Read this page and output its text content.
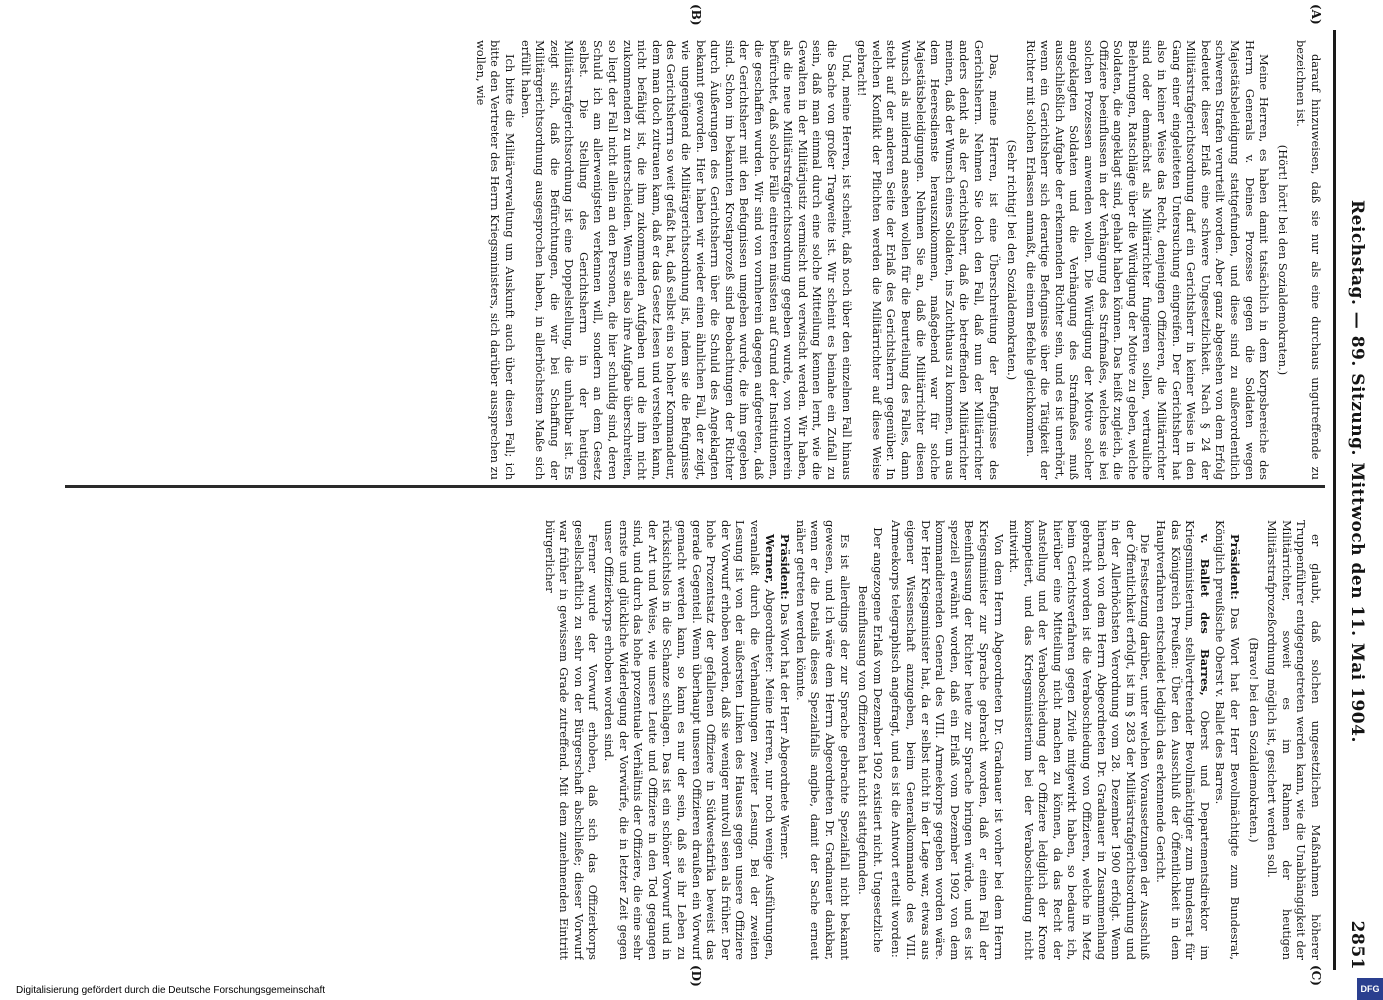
Reichstag. — 89. Sitzung. Mittwoch den 11. Mai 1904.
2851
(A)
(B)
(C)
(D)

darauf hinzuweisen, daß sie nur als eine durchaus ungutreffende zu bezeichnen ist.

(Hört! hört! bei den Sozialdemokraten.)

Meine Herren, es haben damit tatsächlich in dem Korpsbereiche des Herrn Generals v. Deines Prozesse gegen die Soldaten wegen Majestätsbeleidigung stattgefunden, und diese sind zu außerordentlich schweren Strafen verurteilt worden. Aber ganz abgesehen von dem Erfolg bedeutet dieser Erlaß eine schwere Ungesetzlichkeit. Nach § 24 der Militärstrafgerichtsordnung darf ein Gerichtsherr in keiner Weise in den Gang einer eingeleiteten Untersuchung eingreifen. Der Gerichtsherr hat also in keiner Weise das Recht, denjenigen Offizieren, die Militärrichter sind oder demnächst als Militärrichter fungieren sollen, vertrauliche Belehrungen, Ratschläge über die Würdigung der Motive zu geben, welche Soldaten, die angeklagt sind, gehabt haben können. Das heißt zugleich, die Offiziere beeinflussen in der Verhängung des Strafmaßes, welches sie bei solchen Prozessen anwenden wollen. Die Würdigung der Motive solcher angeklagten Soldaten und die Verhängung des Strafmaßes muß ausschließlich Aufgabe der erkennenden Richter sein, und es ist unerhört, wenn ein Gerichtsherr sich derartige Befugnisse über die Tätigkeit der Richter mit solchen Erlassen anmaßt, die einem Befehle gleichkommen.

(Sehr richtig! bei den Sozialdemokraten.)

Das, meine Herren, ist eine Überschreitung der Befugnisse des Gerichtsherrn. Nehmen Sie doch den Fall, daß nun der Militärrichter anders denkt als der Gerichtsherr, daß die betreffenden Militärrichter meinen, daß der Wunsch eines Soldaten, ins Zuchthaus zu kommen, um aus dem Heeresdienste herauszukommen, maßgebend war für solche Majestätsbeleidigungen. Nehmen Sie an, daß die Militärrichter diesen Wunsch als mildernd ansehen wollen für die Beurteilung des Falles, dann steht auf der anderen Seite der Erlaß des Gerichtsherrn gegenüber. In welchen Konflikt der Pflichten werden die Militärrichter auf diese Weise gebracht!

Und, meine Herren, ist scheint, daß noch über den einzelnen Fall hinaus die Sache von großer Tragweite ist. Wir scheint es beinahe ein Zufall zu sein, daß man einmal durch eine solche Mitteilung kennen lernt, wie die Gewalten in der Militärjustiz vermischt und verwischt werden. Wir haben, als die neue Militärstrafgerichtsordnung gegeben wurde, von vornherein befürchtet, daß solche Fälle eintreten müssten auf Grund der Institutionen, die geschaffen wurden. Wir sind von vornherein dagegen aufgetreten, daß der Gerichtsherr mit den Befugnissen umgeben wurde, die ihm gegeben sind. Schon im bekannten Krostaprozeß sind Beobachtungen der Richter durch Äußerungen des Gerichtsherrn über die Schuld des Angeklagten bekannt geworden. Hier haben wir wieder einen ähnlichen Fall, der zeigt, wie ungenügend die Militärgerichtsordnung ist, indem sie die Befugnisse des Gerichtsherrn so weit gefaßt hat, daß selbst ein so hoher Kommandeur, dem man doch zutrauen kann, daß er das Gesetz lesen und verstehen kann, nicht befähigt ist, die ihm zukommenden Aufgaben und die ihm nicht zukommenden zu unterscheiden. Wenn sie also ihre Aufgabe überschreiten, so liegt der Fall nicht allein an den Personen, die hier schuldig sind, deren Schuld ich am allerwenigsten verkennen will, sondern an dem Gesetz selbst. Die Stellung des Gerichtsherrn in der heutigen Militärstrafgerichtsordnung ist eine Doppelstellung, die unhaltbar ist. Es zeigt sich, daß die Befürchtungen, die wir bei Schaffung der Militärgerichtsordnung ausgesprochen haben, in allerhöchstem Maße sich erfüllt haben.

Ich bitte die Militärverwaltung um Auskunft auch über diesen Fall; ich bitte den Vertreter des Herrn Kriegsministers, sich darüber aussprechen zu wollen, wie

er glaubt, daß solchen ungesetzlichen Maßnahmen höherer Truppenführer entgegengetreten werden kann, wie die Unabhängigkeit der Militärrichter, soweit es im Rahmen der heutigen Militärstrafprozeßordnung möglich ist, gesichert werden soll.

(Bravo! bei den Sozialdemokraten.)

Präsident: Das Wort hat der Herr Bevollmächtigte zum Bundesrat, Königlich preußische Oberst v. Ballet des Barres.

v. Ballet des Barres, Oberst und Departementsdirektor im Kriegsministerium, stellvertretender Bevollmächtigter zum Bundesrat für das Königreich Preußen: Über den Ausschluß der Öffentlichkeit in dem Hauptverfahren entscheidet lediglich das erkennende Gericht.

Die Festsetzung darüber, unter welchen Voraussetzungen der Ausschluß der Öffentlichkeit erfolgt, ist im § 283 der Militärstrafgerichtsordnung und in der Allerhöchsten Verordnung vom 28. Dezember 1900 erfolgt. Wenn hiernach von dem Herrn Abgeordneten Dr. Gradnauer in Zusammenhang gebracht worden ist die Veraboschiedung von Offizieren, welche in Metz beim Gerichtsverfahren gegen Zivile mitgewirkt haben, so bedaure ich, hierüber eine Mitteilung nicht machen zu können, da das Recht der Anstellung und der Veraboschiedung der Offiziere lediglich der Krone kompetiert, und das Kriegsministerium bei der Veraboschiedung nicht mitwirkt.

Von dem Herrn Abgeordneten Dr. Gradnauer ist vorher bei dem Herrn Kriegsminister zur Sprache gebracht worden, daß er einen Fall der Beeinflussung der Richter heute zur Sprache bringen würde, und es ist speziell erwähnt worden, daß ein Erlaß vom Dezember 1902 von dem kommandierenden General des VIII. Armeekorps gegeben worden wäre. Der Herr Kriegsminister hat, da er selbst nicht in der Lage war, etwas aus eigener Wissenschaft anzugeben, beim Generalkommando des VIII. Armeekorps telegraphisch angefragt, und es ist die Antwort erteilt worden:

Der angezogene Erlaß vom Dezember 1902 existiert nicht. Ungesetzliche Beeinflussung von Offizieren hat nicht stattgefunden.

Es ist allerdings der zur Sprache gebrachte Spezialfall nicht bekannt gewesen, und ich wäre dem Herrn Abgeordneten Dr. Gradnauer dankbar, wenn er die Details dieses Spezialfalls angibe, damit der Sache erneut näher getreten werden könnte.

Präsident: Das Wort hat der Herr Abgeordnete Werner.

Werner, Abgeordneter: Meine Herren, nur noch wenige Ausführungen, veranlaßt durch die Verhandlungen zweiter Lesung. Bei der zweiten Lesung ist von der äußersten Linken des Hauses gegen unsere Offiziere der Vorwurf erhoben worden, daß sie weniger mutvoll seien als früher. Der hohe Prozentsatz der gefallenen Offiziere in Südwestafrika beweist das gerade Gegenteil. Wenn überhaupt unseren Offizieren draußen ein Vorwurf gemacht werden kann, so kann es nur der sein, daß sie ihr Leben zu rücksichtslos in die Schanze schlagen. Das ist ein schöner Vorwurf und in der Art und Weise, wie unsere Leute und Offiziere in den Tod gegangen sind, und durch das hohe prozentuale Verhältnis der Offiziere, die eine sehr ernste und glückliche Widerlegung der Vorwürfe, die in letzter Zeit gegen unser Offizierkorps erhoben worden sind.

Ferner wurde der Vorwurf erhoben, daß sich das Offizierkorps gesellschaftlich zu sehr von der Bürgerschaft abschließe; dieser Vorwurf war früher in gewissem Grade zutreffend. Mit dem zunehmenden Eintritt bürgerlicher

Digitalisierung gefördert durch die Deutsche Forschungsgemeinschaft	DFG
